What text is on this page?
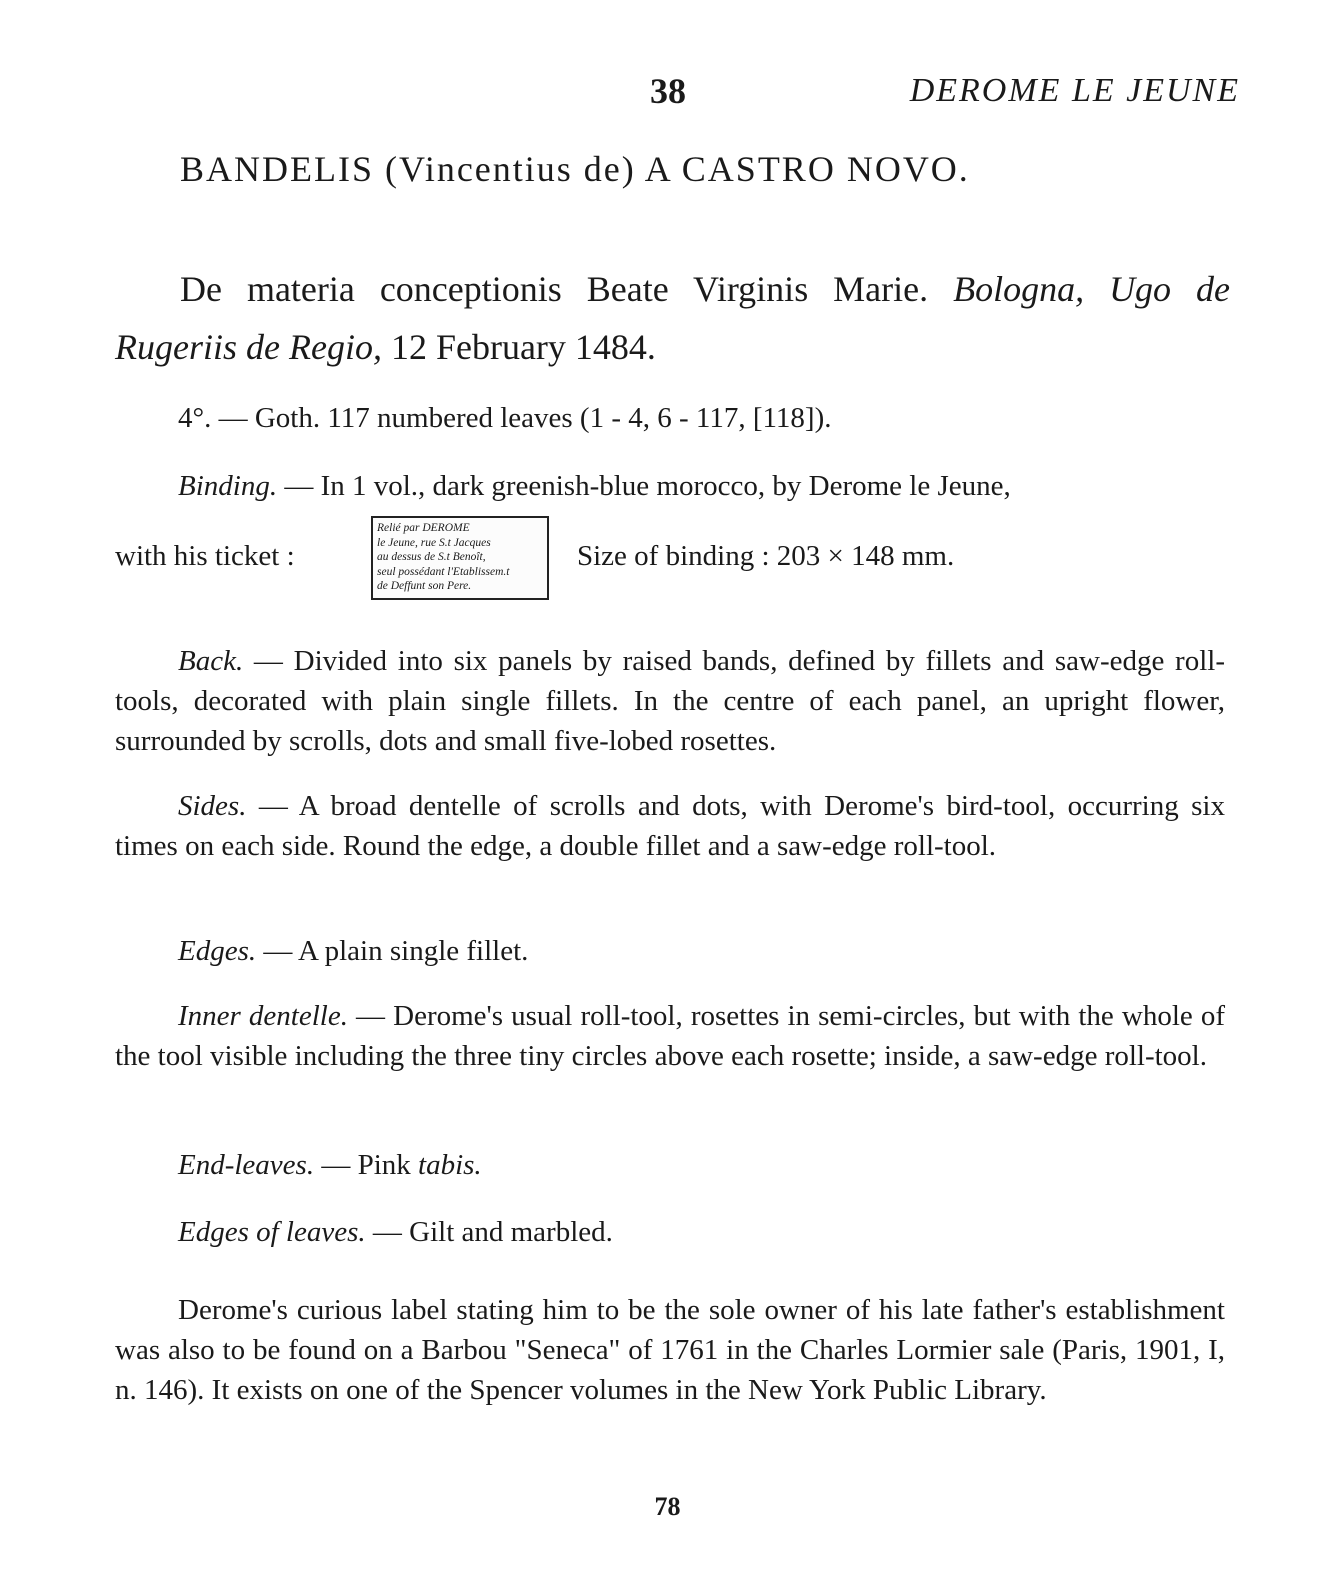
38	DEROME LE JEUNE
BANDELIS (Vincentius de) A CASTRO NOVO.
De materia conceptionis Beate Virginis Marie. Bologna, Ugo de
Rugeriis de Regio, 12 February 1484.
4°. — Goth. 117 numbered leaves (1 - 4, 6 - 117, [118]).
Binding. — In 1 vol., dark greenish-blue morocco, by Derome le Jeune,
with his ticket :
Relié par DEROME
le Jeune, rue S.t Jacques
au dessus de S.t Benoît,
seul possédant l'Etablissem.t
de Deffunt son Pere.
Size of binding : 203 × 148 mm.
Back. — Divided into six panels by raised bands, defined by fillets and saw-edge roll-tools, decorated with plain single fillets. In the centre of each panel, an upright flower, surrounded by scrolls, dots and small five-lobed rosettes.
Sides. — A broad dentelle of scrolls and dots, with Derome's bird-tool, occurring six times on each side. Round the edge, a double fillet and a saw-edge roll-tool.
Edges. — A plain single fillet.
Inner dentelle. — Derome's usual roll-tool, rosettes in semi-circles, but with the whole of the tool visible including the three tiny circles above each rosette; inside, a saw-edge roll-tool.
End-leaves. — Pink tabis.
Edges of leaves. — Gilt and marbled.
Derome's curious label stating him to be the sole owner of his late father's establishment was also to be found on a Barbou "Seneca" of 1761 in the Charles Lormier sale (Paris, 1901, I, n. 146). It exists on one of the Spencer volumes in the New York Public Library.
78
